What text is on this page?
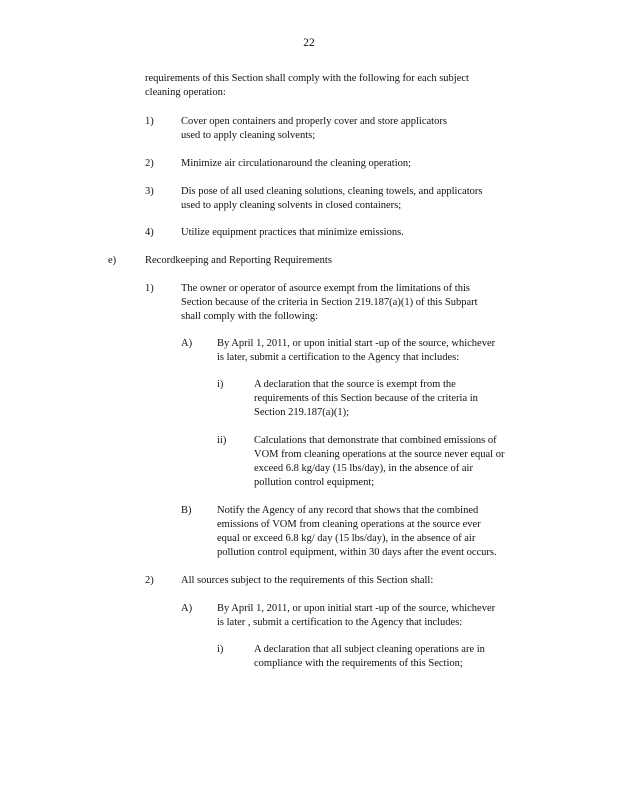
22

requirements of this Section shall comply with the following for each subject

cleaning operation:

1)	Cover open containers and properly cover and store applicators

used to apply cleaning solvents;

2)	Minimize air circulationaround the cleaning operation;

3)	Dis pose of all used cleaning solutions, cleaning towels, and applicators

used to apply cleaning solvents in closed containers;

4)	Utilize equipment practices that minimize emissions.

e)	Recordkeeping and Reporting Requirements

1)	The owner or operator of asource exempt from the limitations of this

Section because of the criteria in Section 219.187(a)(1) of this Subpart

shall comply with the following:

A) By April 1, 2011, or upon initial start -up of the source, whichever

is later, submit a certification to the Agency that includes:

i)	A declaration that the source is exempt from the

requirements of this Section because of the criteria in

Section 219.187(a)(1);

ii)	Calculations that demonstrate that combined emissions of

VOM from cleaning operations at the source never equal or

exceed 6.8 kg/day (15 lbs/day), in the absence of air

pollution control equipment;

B) Notify the Agency of any record that shows that the combined

emissions of VOM from cleaning operations at the source ever

equal or exceed 6.8 kg/ day (15 lbs/day), in the absence of air

pollution control equipment, within 30 days after the event occurs.

2)	All sources subject to the requirements of this Section shall:

A) By April 1, 2011, or upon initial start -up of the source, whichever

is later , submit a certification to the Agency that includes:

i)	A declaration that all subject cleaning operations are in

compliance with the requirements of this Section;
